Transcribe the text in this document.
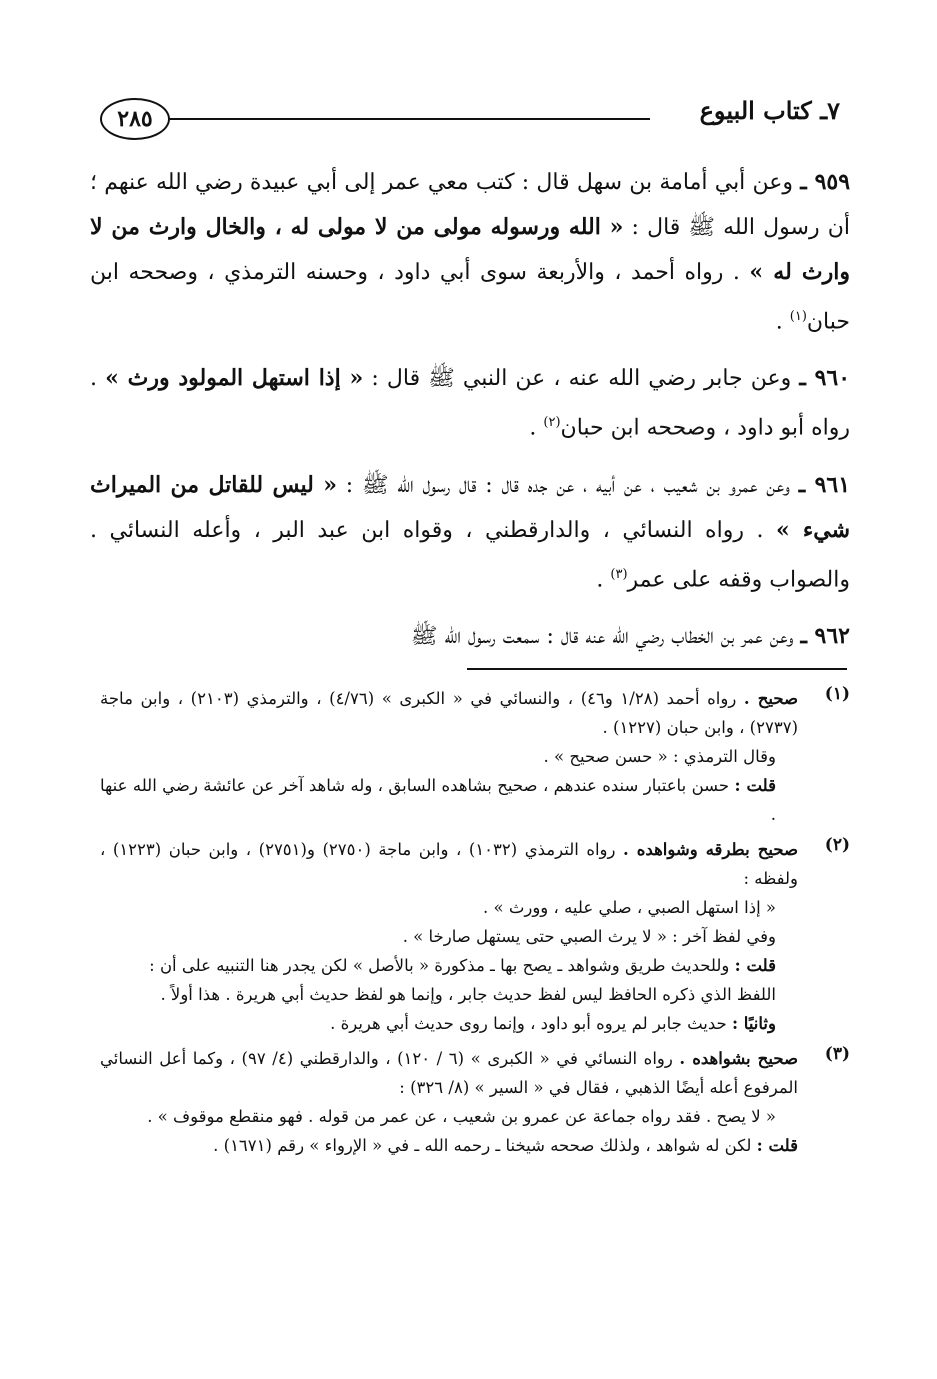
٢٨٥	٧ـ كتاب البيوع

٩٥٩ ـ وعن أبي أمامة بن سهل قال : كتب معي عمر إلى أبي عبيدة رضي الله عنهم ؛ أن رسول الله ﷺ قال : « الله ورسوله مولى من لا مولى له ، والخال وارث من لا وارث له » . رواه أحمد ، والأربعة سوى أبي داود ، وحسنه الترمذي ، وصححه ابن حبان$^{(١)}$ .

٩٦٠ ـ وعن جابر رضي الله عنه ، عن النبي ﷺ قال : « إذا استهل المولود ورث » . رواه أبو داود ، وصححه ابن حبان$^{(٢)}$ .

٩٦١ ـ وعن عمرو بن شعيب ، عن أبيه ، عن جده قال : قال رسول الله ﷺ : « ليس للقاتل من الميراث شيء » . رواه النسائي ، والدارقطني ، وقواه ابن عبد البر ، وأعله النسائي . والصواب وقفه على عمر$^{(٣)}$ .

٩٦٢ ـ وعن عمر بن الخطاب رضي الله عنه قال : سمعت رسول الله ﷺ

(١)

صحيح . رواه أحمد (١/٢٨ و٤٦) ، والنسائي في « الكبرى » (٤/٧٦) ، والترمذي (٢١٠٣) ، وابن ماجة (٢٧٣٧) ، وابن حبان (١٢٢٧) .

وقال الترمذي : « حسن صحيح » .

قلت : حسن باعتبار سنده عندهم ، صحيح بشاهده السابق ، وله شاهد آخر عن عائشة رضي الله عنها .

(٢)

صحيح بطرقه وشواهده . رواه الترمذي (١٠٣٢) ، وابن ماجة (٢٧٥٠) و(٢٧٥١) ، وابن حبان (١٢٢٣) ، ولفظه :

« إذا استهل الصبي ، صلي عليه ، وورث » .

وفي لفظ آخر : « لا يرث الصبي حتى يستهل صارخا » .

قلت : وللحديث طريق وشواهد ـ يصح بها ـ مذكورة « بالأصل » لكن يجدر هنا التنبيه على أن :

اللفظ الذي ذكره الحافظ ليس لفظ حديث جابر ، وإنما هو لفظ حديث أبي هريرة . هذا أولاً .

وثانيًا : حديث جابر لم يروه أبو داود ، وإنما روى حديث أبي هريرة .

(٣)

صحيح بشواهده . رواه النسائي في « الكبرى » (٦ / ١٢٠) ، والدارقطني (٤/ ٩٧) ، وكما أعل النسائي المرفوع أعله أيضًا الذهبي ، فقال في « السير » (٨/ ٣٢٦) :

« لا يصح . فقد رواه جماعة عن عمرو بن شعيب ، عن عمر من قوله . فهو منقطع موقوف » .

قلت : لكن له شواهد ، ولذلك صححه شيخنا ـ رحمه الله ـ في « الإرواء » رقم (١٦٧١) .
